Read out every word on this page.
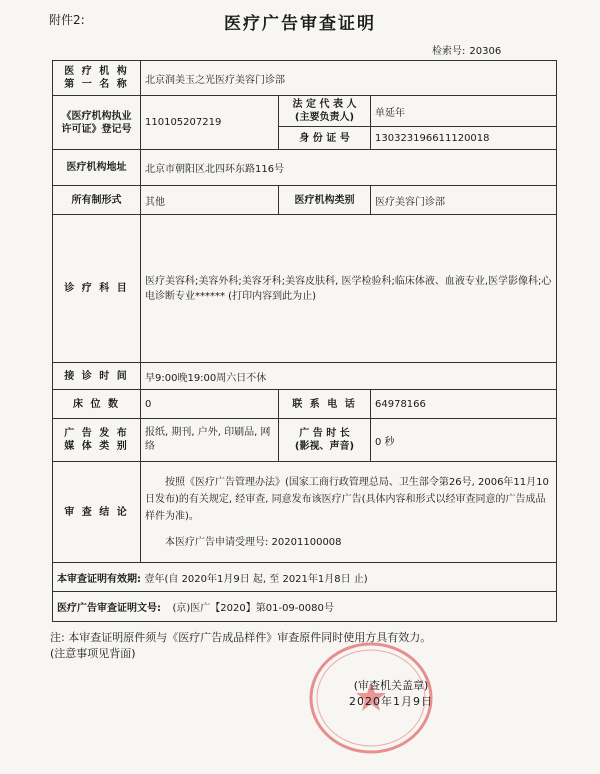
附件2:	医疗广告审查证明
检索号: 20306
医 疗 机 构
第 一 名 称	北京润美玉之光医疗美容门诊部		
《医疗机构执业
许可证》登记号	110105207219	法 定 代 表 人
(主要负责人)	单延年
		身 份 证 号	130323196611120018
医疗机构地址	北京市朝阳区北四环东路116号		
所有制形式	其他	医疗机构类别	医疗美容门诊部
诊 疗 科 目	医疗美容科;美容外科;美容牙科;美容皮肤科, 医学检验科;临床体液、血液专业,医学影像科;心电诊断专业****** (打印内容到此为止)		
接 诊 时 间	早9:00晚19:00周六日不休		
床 位 数	0	联 系 电 话	64978166
广 告 发 布
媒 体 类 别	报纸, 期刊, 户外, 印刷品, 网络	广 告 时 长
(影视、声音)	0 秒
审 查 结 论	按照《医疗广告管理办法》(国家工商行政管理总局、卫生部令第26号, 2006年11月10日发布)的有关规定, 经审查, 同意发布该医疗广告(具体内容和形式以经审查同意的广告成品样件为准)。

本医疗广告申请受理号: 20201100008		

本审查证明有效期: 壹年(自 2020年1月9日 起, 至 2021年1月8日 止)			
医疗广告审查证明文号: (京)医广【2020】第01-09-0080号			
注: 本审查证明原件须与《医疗广告成品样件》审查原件同时使用方具有效力。
(注意事项见背面)
(审查机关盖章)
2020年1月9日
